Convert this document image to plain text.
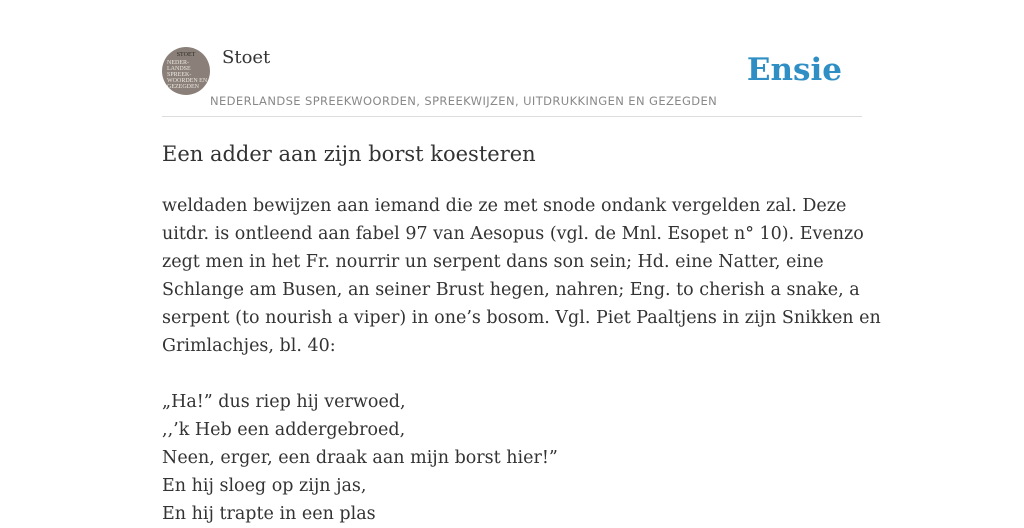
STOET
NEDER-
LANDSE
SPREEK-
WOORDEN EN
GEZEGDEN
Stoet	Ensie
NEDERLANDSE SPREEKWOORDEN, SPREEKWIJZEN, UITDRUKKINGEN EN GEZEGDEN
Een adder aan zijn borst koesteren
weldaden bewijzen aan iemand die ze met snode ondank vergelden zal. Deze
uitdr. is ontleend aan fabel 97 van Aesopus (vgl. de Mnl. Esopet n° 10). Evenzo
zegt men in het Fr. nourrir un serpent dans son sein; Hd. eine Natter, eine
Schlange am Busen, an seiner Brust hegen, nahren; Eng. to cherish a snake, a
serpent (to nourish a viper) in one’s bosom. Vgl. Piet Paaltjens in zijn Snikken en
Grimlachjes, bl. 40:
„Ha!” dus riep hij verwoed,
,,’k Heb een addergebroed,
Neen, erger, een draak aan mijn borst hier!”
En hij sloeg op zijn jas,
En hij trapte in een plas
